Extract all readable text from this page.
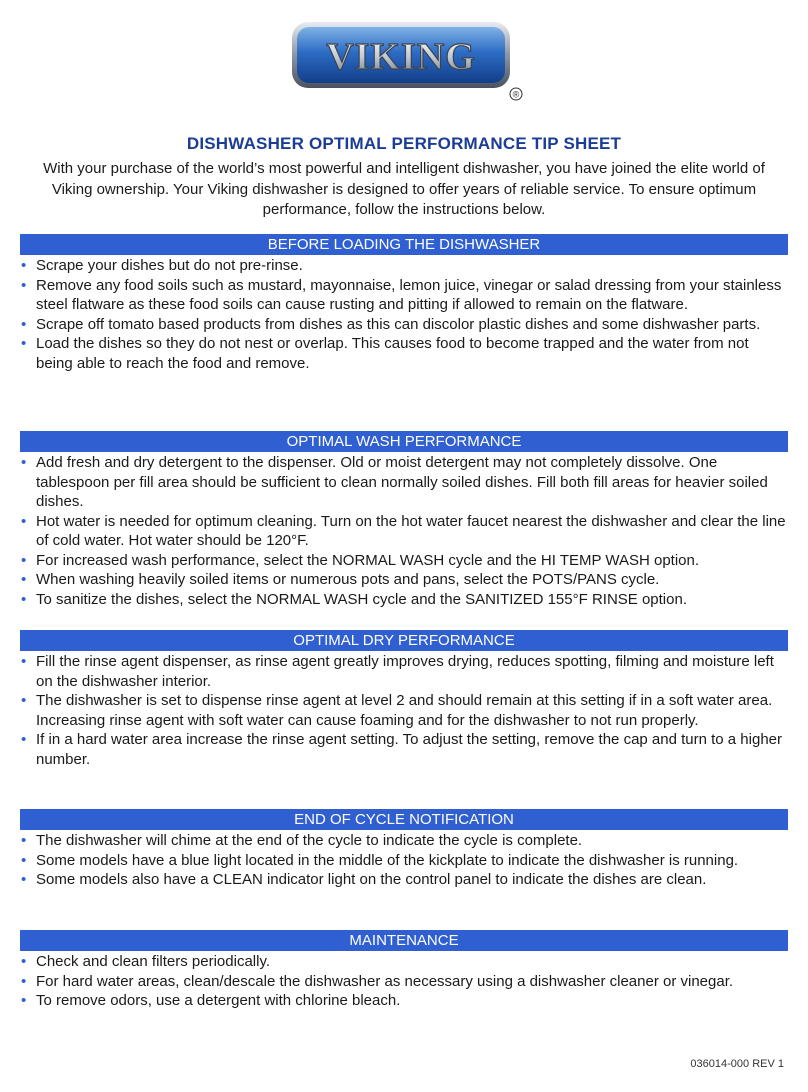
VIKING
®
DISHWASHER OPTIMAL PERFORMANCE TIP SHEET
With your purchase of the world’s most powerful and intelligent dishwasher, you have joined the elite world of Viking ownership. Your Viking dishwasher is designed to offer years of reliable service. To ensure optimum performance, follow the instructions below.
BEFORE LOADING THE DISHWASHER
• Scrape your dishes but do not pre-rinse.
• Remove any food soils such as mustard, mayonnaise, lemon juice, vinegar or salad dressing from your stainless steel flatware as these food soils can cause rusting and pitting if allowed to remain on the flatware.
• Scrape off tomato based products from dishes as this can discolor plastic dishes and some dishwasher parts.
• Load the dishes so they do not nest or overlap. This causes food to become trapped and the water from not being able to reach the food and remove.
OPTIMAL WASH PERFORMANCE
• Add fresh and dry detergent to the dispenser. Old or moist detergent may not completely dissolve. One tablespoon per fill area should be sufficient to clean normally soiled dishes. Fill both fill areas for heavier soiled dishes.
• Hot water is needed for optimum cleaning. Turn on the hot water faucet nearest the dishwasher and clear the line of cold water. Hot water should be 120°F.
• For increased wash performance, select the NORMAL WASH cycle and the HI TEMP WASH option.
• When washing heavily soiled items or numerous pots and pans, select the POTS/PANS cycle.
• To sanitize the dishes, select the NORMAL WASH cycle and the SANITIZED 155°F RINSE option.
OPTIMAL DRY PERFORMANCE
• Fill the rinse agent dispenser, as rinse agent greatly improves drying, reduces spotting, filming and moisture left on the dishwasher interior.
• The dishwasher is set to dispense rinse agent at level 2 and should remain at this setting if in a soft water area. Increasing rinse agent with soft water can cause foaming and for the dishwasher to not run properly.
• If in a hard water area increase the rinse agent setting. To adjust the setting, remove the cap and turn to a higher number.
END OF CYCLE NOTIFICATION
• The dishwasher will chime at the end of the cycle to indicate the cycle is complete.
• Some models have a blue light located in the middle of the kickplate to indicate the dishwasher is running.
• Some models also have a CLEAN indicator light on the control panel to indicate the dishes are clean.
MAINTENANCE
• Check and clean filters periodically.
• For hard water areas, clean/descale the dishwasher as necessary using a dishwasher cleaner or vinegar.
• To remove odors, use a detergent with chlorine bleach.
036014-000 REV 1
